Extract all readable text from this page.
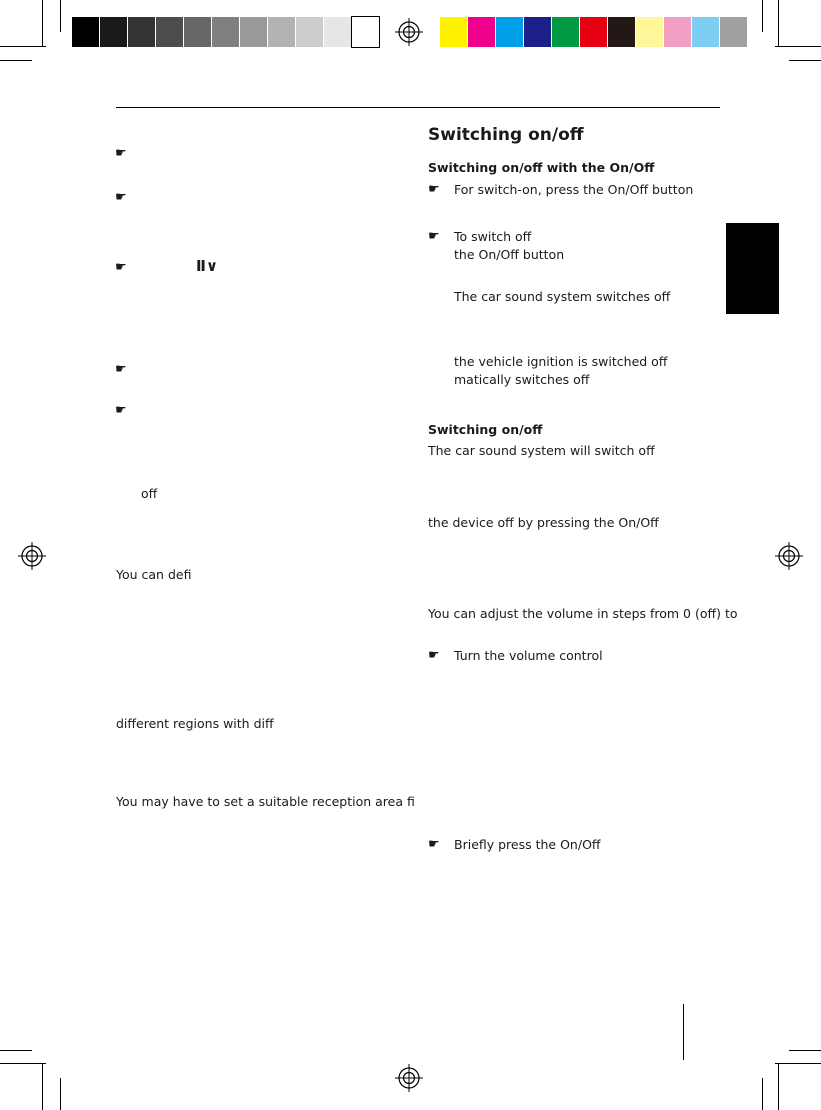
☛
☛
☛	Ⅱ∨
☛
☛
off
You can defi
different regions with diff
You may have to set a suitable reception area fi
Switching on/off
Switching on/off with the On/Off
☛ For switch-on, press the On/Off button
☛ To switch off
the On/Off button
The car sound system switches off
the vehicle ignition is switched off
matically switches off
Switching on/off
The car sound system will switch off
the device off by pressing the On/Off
You can adjust the volume in steps from 0 (off) to
☛ Turn the volume control
☛ Briefly press the On/Off
